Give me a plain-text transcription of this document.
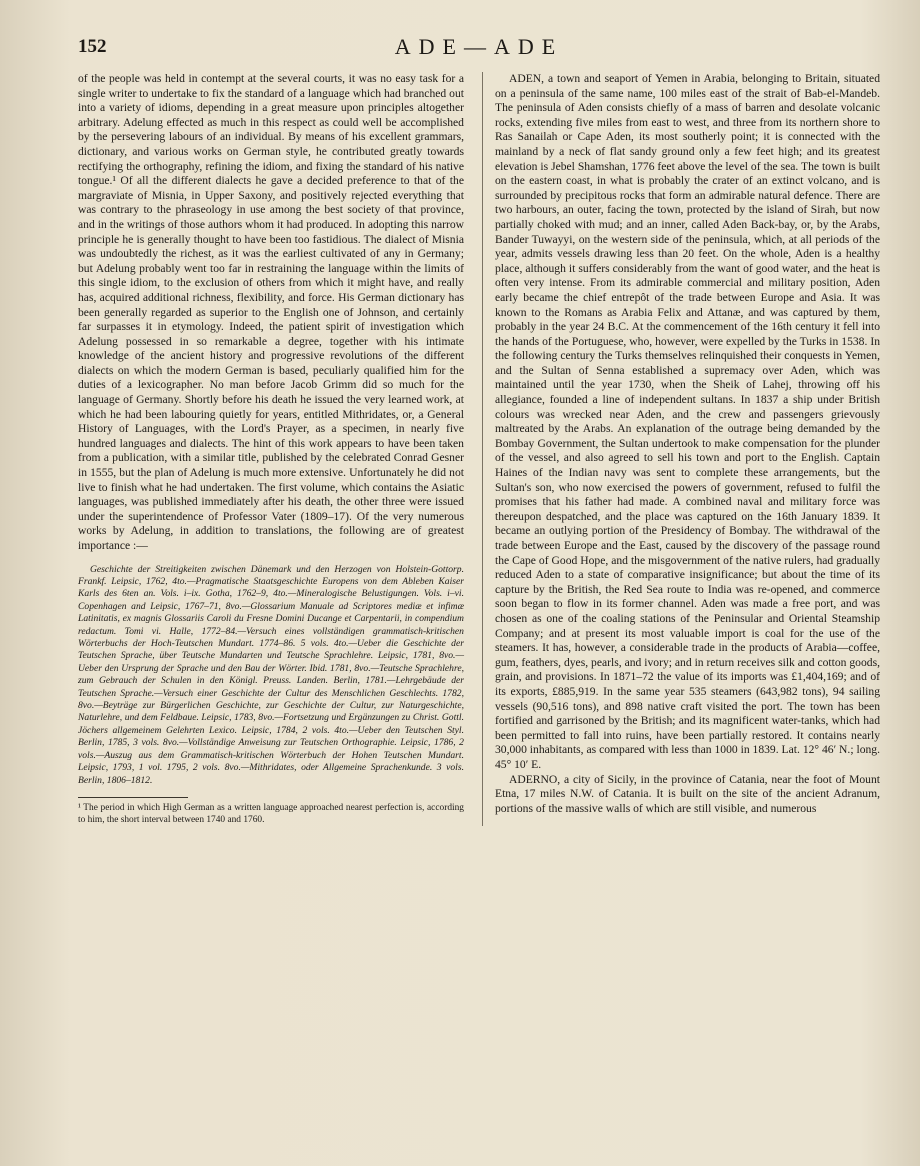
152	ADE—ADE

of the people was held in contempt at the several courts, it was no easy task for a single writer to undertake to fix the standard of a language which had branched out into a variety of idioms, depending in a great measure upon principles altogether arbitrary. Adelung effected as much in this respect as could well be accomplished by the persevering labours of an individual. By means of his excellent grammars, dictionary, and various works on German style, he contributed greatly towards rectifying the orthography, refining the idiom, and fixing the standard of his native tongue.¹ Of all the different dialects he gave a decided preference to that of the margraviate of Misnia, in Upper Saxony, and positively rejected everything that was contrary to the phraseology in use among the best society of that province, and in the writings of those authors whom it had produced. In adopting this narrow principle he is generally thought to have been too fastidious. The dialect of Misnia was undoubtedly the richest, as it was the earliest cultivated of any in Germany; but Adelung probably went too far in restraining the language within the limits of this single idiom, to the exclusion of others from which it might have, and really has, acquired additional richness, flexibility, and force. His German dictionary has been generally regarded as superior to the English one of Johnson, and certainly far surpasses it in etymology. Indeed, the patient spirit of investigation which Adelung possessed in so remarkable a degree, together with his intimate knowledge of the ancient history and progressive revolutions of the different dialects on which the modern German is based, peculiarly qualified him for the duties of a lexicographer. No man before Jacob Grimm did so much for the language of Germany. Shortly before his death he issued the very learned work, at which he had been labouring quietly for years, entitled Mithridates, or, a General History of Languages, with the Lord's Prayer, as a specimen, in nearly five hundred languages and dialects. The hint of this work appears to have been taken from a publication, with a similar title, published by the celebrated Conrad Gesner in 1555, but the plan of Adelung is much more extensive. Unfortunately he did not live to finish what he had undertaken. The first volume, which contains the Asiatic languages, was published immediately after his death, the other three were issued under the superintendence of Professor Vater (1809–17). Of the very numerous works by Adelung, in addition to translations, the following are of greatest importance :—

Geschichte der Streitigkeiten zwischen Dänemark und den Herzogen von Holstein-Gottorp. Frankf. Leipsic, 1762, 4to.—Pragmatische Staatsgeschichte Europens von dem Ableben Kaiser Karls des 6ten an. Vols. i–ix. Gotha, 1762–9, 4to.—Mineralogische Belustigungen. Vols. i–vi. Copenhagen and Leipsic, 1767–71, 8vo.—Glossarium Manuale ad Scriptores mediæ et infimæ Latinitatis, ex magnis Glossariis Caroli du Fresne Domini Ducange et Carpentarii, in compendium redactum. Tomi vi. Halle, 1772–84.—Versuch eines vollständigen grammatisch-kritischen Wörterbuchs der Hoch-Teutschen Mundart. 1774–86. 5 vols. 4to.—Ueber die Geschichte der Teutschen Sprache, über Teutsche Mundarten und Teutsche Sprachlehre. Leipsic, 1781, 8vo.—Ueber den Ursprung der Sprache und den Bau der Wörter. Ibid. 1781, 8vo.—Teutsche Sprachlehre, zum Gebrauch der Schulen in den Königl. Preuss. Landen. Berlin, 1781.—Lehrgebäude der Teutschen Sprache.—Versuch einer Geschichte der Cultur des Menschlichen Geschlechts. 1782, 8vo.—Beyträge zur Bürgerlichen Geschichte, zur Geschichte der Cultur, zur Naturgeschichte, Naturlehre, und dem Feldbaue. Leipsic, 1783, 8vo.—Fortsetzung und Ergänzungen zu Christ. Gottl. Jöchers allgemeinem Gelehrten Lexico. Leipsic, 1784, 2 vols. 4to.—Ueber den Teutschen Styl. Berlin, 1785, 3 vols. 8vo.—Vollständige Anweisung zur Teutschen Orthographie. Leipsic, 1786, 2 vols.—Auszug aus dem Grammatisch-kritischen Wörterbuch der Hohen Teutschen Mundart. Leipsic, 1793, 1 vol. 1795, 2 vols. 8vo.—Mithridates, oder Allgemeine Sprachenkunde. 3 vols. Berlin, 1806–1812.
¹ The period in which High German as a written language approached nearest perfection is, according to him, the short interval between 1740 and 1760.

ADEN, a town and seaport of Yemen in Arabia, belonging to Britain, situated on a peninsula of the same name, 100 miles east of the strait of Bab-el-Mandeb. The peninsula of Aden consists chiefly of a mass of barren and desolate volcanic rocks, extending five miles from east to west, and three from its northern shore to Ras Sanailah or Cape Aden, its most southerly point; it is connected with the mainland by a neck of flat sandy ground only a few feet high; and its greatest elevation is Jebel Shamshan, 1776 feet above the level of the sea. The town is built on the eastern coast, in what is probably the crater of an extinct volcano, and is surrounded by precipitous rocks that form an admirable natural defence. There are two harbours, an outer, facing the town, protected by the island of Sirah, but now partially choked with mud; and an inner, called Aden Back-bay, or, by the Arabs, Bander Tuwayyi, on the western side of the peninsula, which, at all periods of the year, admits vessels drawing less than 20 feet. On the whole, Aden is a healthy place, although it suffers considerably from the want of good water, and the heat is often very intense. From its admirable commercial and military position, Aden early became the chief entrepôt of the trade between Europe and Asia. It was known to the Romans as Arabia Felix and Attanæ, and was captured by them, probably in the year 24 B.C. At the commencement of the 16th century it fell into the hands of the Portuguese, who, however, were expelled by the Turks in 1538. In the following century the Turks themselves relinquished their conquests in Yemen, and the Sultan of Senna established a supremacy over Aden, which was maintained until the year 1730, when the Sheik of Lahej, throwing off his allegiance, founded a line of independent sultans. In 1837 a ship under British colours was wrecked near Aden, and the crew and passengers grievously maltreated by the Arabs. An explanation of the outrage being demanded by the Bombay Government, the Sultan undertook to make compensation for the plunder of the vessel, and also agreed to sell his town and port to the English. Captain Haines of the Indian navy was sent to complete these arrangements, but the Sultan's son, who now exercised the powers of government, refused to fulfil the promises that his father had made. A combined naval and military force was thereupon despatched, and the place was captured on the 16th January 1839. It became an outlying portion of the Presidency of Bombay. The withdrawal of the trade between Europe and the East, caused by the discovery of the passage round the Cape of Good Hope, and the misgovernment of the native rulers, had gradually reduced Aden to a state of comparative insignificance; but about the time of its capture by the British, the Red Sea route to India was re-opened, and commerce soon began to flow in its former channel. Aden was made a free port, and was chosen as one of the coaling stations of the Peninsular and Oriental Steamship Company; and at present its most valuable import is coal for the use of the steamers. It has, however, a considerable trade in the products of Arabia—coffee, gum, feathers, dyes, pearls, and ivory; and in return receives silk and cotton goods, grain, and provisions. In 1871–72 the value of its imports was £1,404,169; and of its exports, £885,919. In the same year 535 steamers (643,982 tons), 94 sailing vessels (90,516 tons), and 898 native craft visited the port. The town has been fortified and garrisoned by the British; and its magnificent water-tanks, which had been permitted to fall into ruins, have been partially restored. It contains nearly 30,000 inhabitants, as compared with less than 1000 in 1839. Lat. 12° 46′ N.; long. 45° 10′ E.

ADERNO, a city of Sicily, in the province of Catania, near the foot of Mount Etna, 17 miles N.W. of Catania. It is built on the site of the ancient Adranum, portions of the massive walls of which are still visible, and numerous
